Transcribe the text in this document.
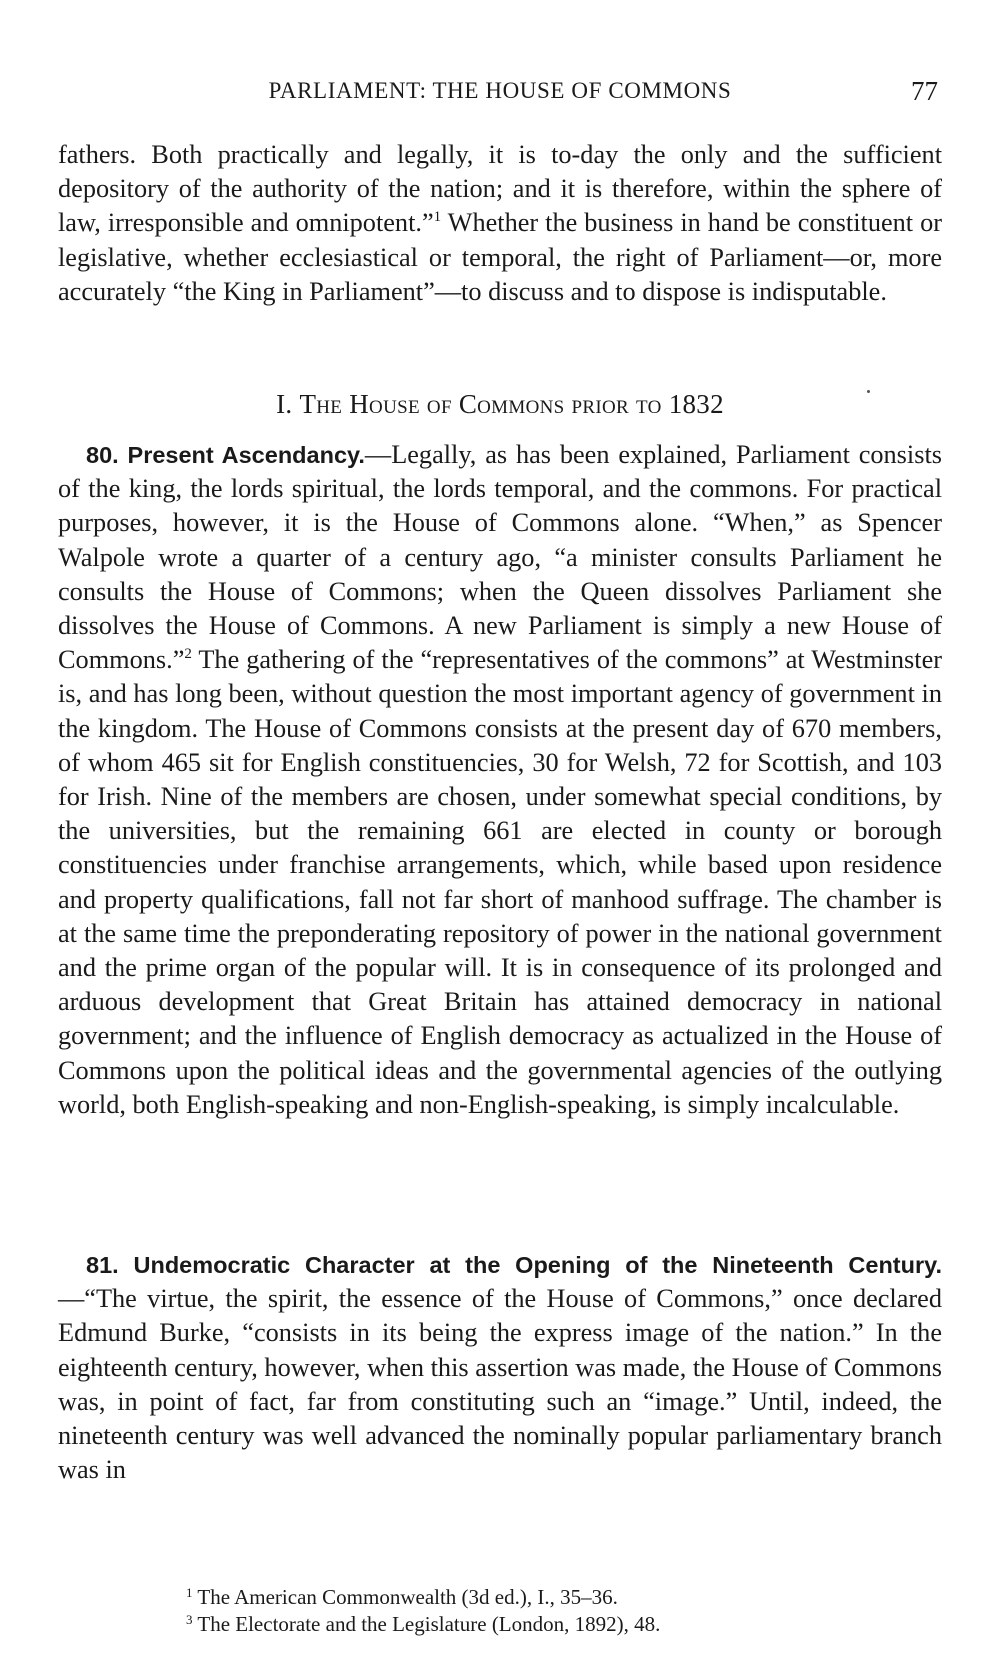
PARLIAMENT: THE HOUSE OF COMMONS	77
fathers. Both practically and legally, it is to-day the only and the sufficient depository of the authority of the nation; and it is therefore, within the sphere of law, irresponsible and omnipotent.”$^1$ Whether the business in hand be constituent or legislative, whether ecclesiastical or temporal, the right of Parliament—or, more accurately “the King in Parliament”—to discuss and to dispose is indisputable.
I. The House of Commons prior to 1832
80. Present Ascendancy.—Legally, as has been explained, Parliament consists of the king, the lords spiritual, the lords temporal, and the commons. For practical purposes, however, it is the House of Commons alone. “When,” as Spencer Walpole wrote a quarter of a century ago, “a minister consults Parliament he consults the House of Commons; when the Queen dissolves Parliament she dissolves the House of Commons. A new Parliament is simply a new House of Commons.”$^2$ The gathering of the “representatives of the commons” at Westminster is, and has long been, without question the most important agency of government in the kingdom. The House of Commons consists at the present day of 670 members, of whom 465 sit for English constituencies, 30 for Welsh, 72 for Scottish, and 103 for Irish. Nine of the members are chosen, under somewhat special conditions, by the universities, but the remaining 661 are elected in county or borough constituencies under franchise arrangements, which, while based upon residence and property qualifications, fall not far short of manhood suffrage. The chamber is at the same time the preponderating repository of power in the national government and the prime organ of the popular will. It is in consequence of its prolonged and arduous development that Great Britain has attained democracy in national government; and the influence of English democracy as actualized in the House of Commons upon the political ideas and the governmental agencies of the outlying world, both English-speaking and non-English-speaking, is simply incalculable.
81. Undemocratic Character at the Opening of the Nineteenth Century.—“The virtue, the spirit, the essence of the House of Commons,” once declared Edmund Burke, “consists in its being the express image of the nation.” In the eighteenth century, however, when this assertion was made, the House of Commons was, in point of fact, far from constituting such an “image.” Until, indeed, the nineteenth century was well advanced the nominally popular parliamentary branch was in
$^1$ The American Commonwealth (3d ed.), I., 35–36.
$^3$ The Electorate and the Legislature (London, 1892), 48.
